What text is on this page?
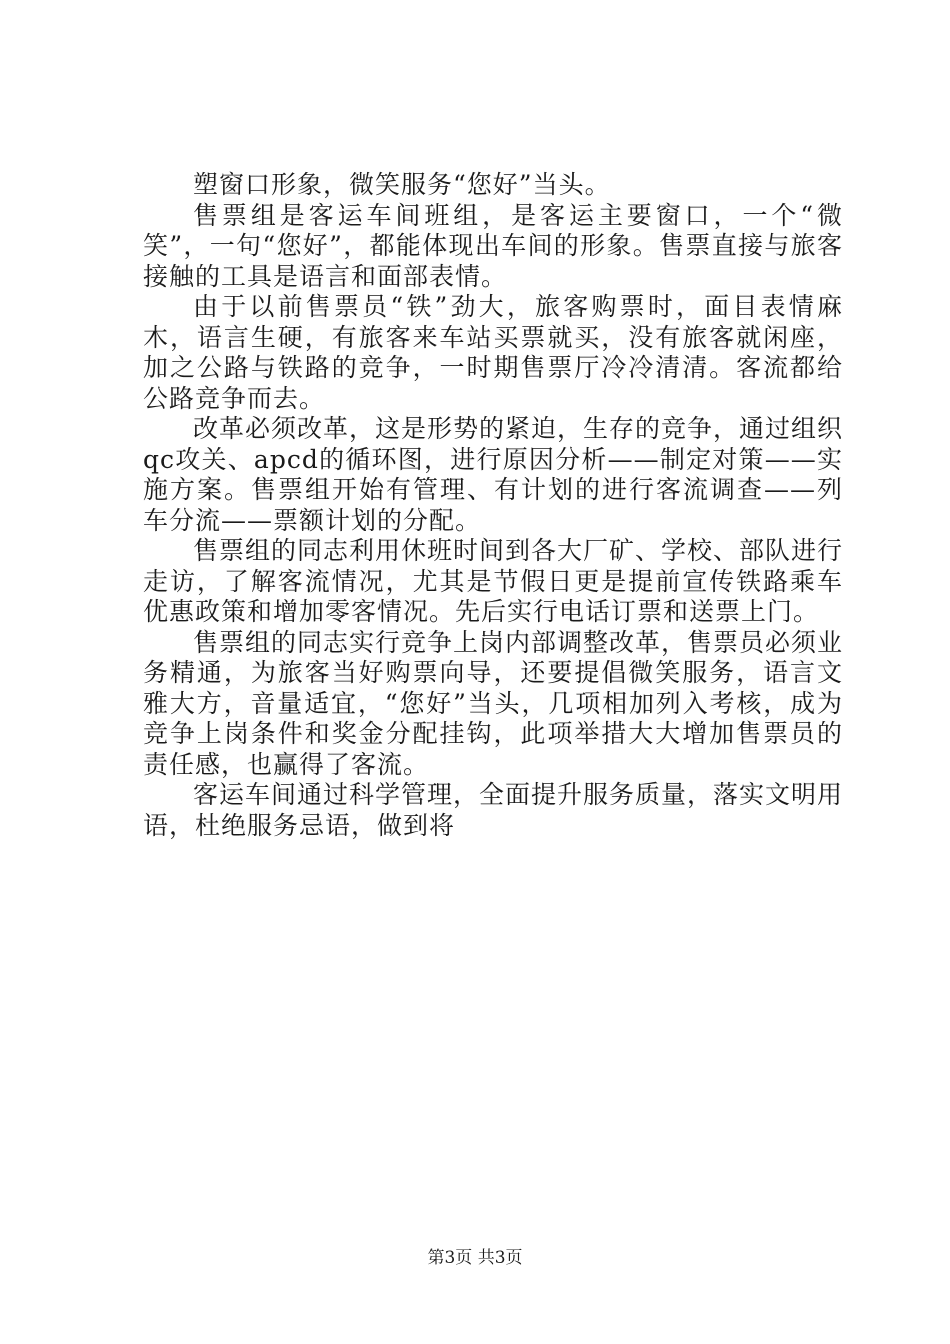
塑窗口形象，微笑服务“您好”当头。

售票组是客运车间班组，是客运主要窗口，一个“微笑”，一句“您好”，都能体现出车间的形象。售票直接与旅客接触的工具是语言和面部表情。

由于以前售票员“铁”劲大，旅客购票时，面目表情麻木，语言生硬，有旅客来车站买票就买，没有旅客就闲座，加之公路与铁路的竞争，一时期售票厅冷冷清清。客流都给公路竞争而去。

改革必须改革，这是形势的紧迫，生存的竞争，通过组织qc攻关、apcd的循环图，进行原因分析——制定对策——实施方案。售票组开始有管理、有计划的进行客流调查——列车分流——票额计划的分配。

售票组的同志利用休班时间到各大厂矿、学校、部队进行走访，了解客流情况，尤其是节假日更是提前宣传铁路乘车优惠政策和增加零客情况。先后实行电话订票和送票上门。

售票组的同志实行竞争上岗内部调整改革，售票员必须业务精通，为旅客当好购票向导，还要提倡微笑服务，语言文雅大方，音量适宜，“您好”当头，几项相加列入考核，成为竞争上岗条件和奖金分配挂钩，此项举措大大增加售票员的责任感，也赢得了客流。

客运车间通过科学管理，全面提升服务质量，落实文明用语，杜绝服务忌语，做到将

第3页 共3页
